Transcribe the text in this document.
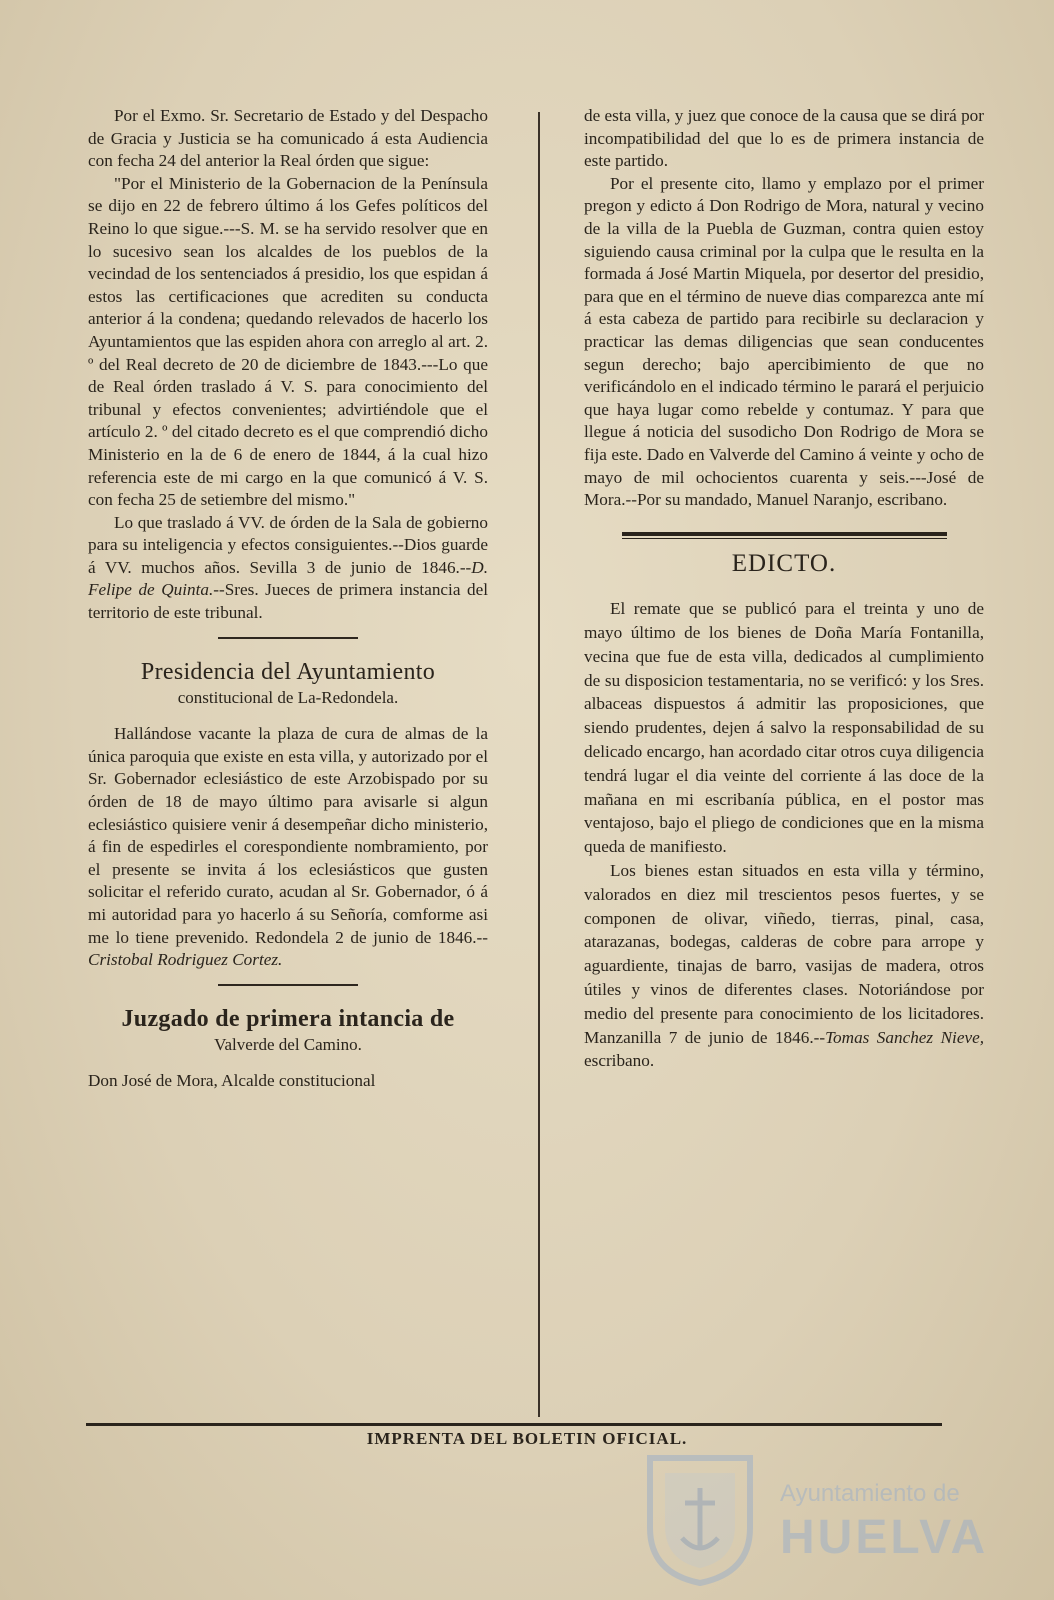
Por el Exmo. Sr. Secretario de Estado y del Despacho de Gracia y Justicia se ha comunicado á esta Audiencia con fecha 24 del anterior la Real órden que sigue:

"Por el Ministerio de la Gobernacion de la Península se dijo en 22 de febrero último á los Gefes políticos del Reino lo que sigue.---S. M. se ha servido resolver que en lo sucesivo sean los alcaldes de los pueblos de la vecindad de los sentenciados á presidio, los que espidan á estos las certificaciones que acrediten su conducta anterior á la condena; quedando relevados de hacerlo los Ayuntamientos que las espiden ahora con arreglo al art. 2. º del Real decreto de 20 de diciembre de 1843.---Lo que de Real órden traslado á V. S. para conocimiento del tribunal y efectos convenientes; advirtiéndole que el artículo 2. º del citado decreto es el que comprendió dicho Ministerio en la de 6 de enero de 1844, á la cual hizo referencia este de mi cargo en la que comunicó á V. S. con fecha 25 de setiembre del mismo."

Lo que traslado á VV. de órden de la Sala de gobierno para su inteligencia y efectos consiguientes.--Dios guarde á VV. muchos años. Sevilla 3 de junio de 1846.--D. Felipe de Quinta.--Sres. Jueces de primera instancia del territorio de este tribunal.

Presidencia del Ayuntamiento
constitucional de La-Redondela.

Hallándose vacante la plaza de cura de almas de la única paroquia que existe en esta villa, y autorizado por el Sr. Gobernador eclesiástico de este Arzobispado por su órden de 18 de mayo último para avisarle si algun eclesiástico quisiere venir á desempeñar dicho ministerio, á fin de espedirles el corespondiente nombramiento, por el presente se invita á los eclesiásticos que gusten solicitar el referido curato, acudan al Sr. Gobernador, ó á mi autoridad para yo hacerlo á su Señoría, comforme asi me lo tiene prevenido. Redondela 2 de junio de 1846.--Cristobal Rodriguez Cortez.

Juzgado de primera intancia de
Valverde del Camino.

Don José de Mora, Alcalde constitucional

de esta villa, y juez que conoce de la causa que se dirá por incompatibilidad del que lo es de primera instancia de este partido.

Por el presente cito, llamo y emplazo por el primer pregon y edicto á Don Rodrigo de Mora, natural y vecino de la villa de la Puebla de Guzman, contra quien estoy siguiendo causa criminal por la culpa que le resulta en la formada á José Martin Miquela, por desertor del presidio, para que en el término de nueve dias comparezca ante mí á esta cabeza de partido para recibirle su declaracion y practicar las demas diligencias que sean conducentes segun derecho; bajo apercibimiento de que no verificándolo en el indicado término le parará el perjuicio que haya lugar como rebelde y contumaz. Y para que llegue á noticia del susodicho Don Rodrigo de Mora se fija este. Dado en Valverde del Camino á veinte y ocho de mayo de mil ochocientos cuarenta y seis.---José de Mora.--Por su mandado, Manuel Naranjo, escribano.

EDICTO.

El remate que se publicó para el treinta y uno de mayo último de los bienes de Doña María Fontanilla, vecina que fue de esta villa, dedicados al cumplimiento de su disposicion testamentaria, no se verificó: y los Sres. albaceas dispuestos á admitir las proposiciones, que siendo prudentes, dejen á salvo la responsabilidad de su delicado encargo, han acordado citar otros cuya diligencia tendrá lugar el dia veinte del corriente á las doce de la mañana en mi escribanía pública, en el postor mas ventajoso, bajo el pliego de condiciones que en la misma queda de manifiesto.

Los bienes estan situados en esta villa y término, valorados en diez mil trescientos pesos fuertes, y se componen de olivar, viñedo, tierras, pinal, casa, atarazanas, bodegas, calderas de cobre para arrope y aguardiente, tinajas de barro, vasijas de madera, otros útiles y vinos de diferentes clases. Notoriándose por medio del presente para conocimiento de los licitadores. Manzanilla 7 de junio de 1846.--Tomas Sanchez Nieve, escribano.

IMPRENTA DEL BOLETIN OFICIAL.
Ayuntamiento de
HUELVA
